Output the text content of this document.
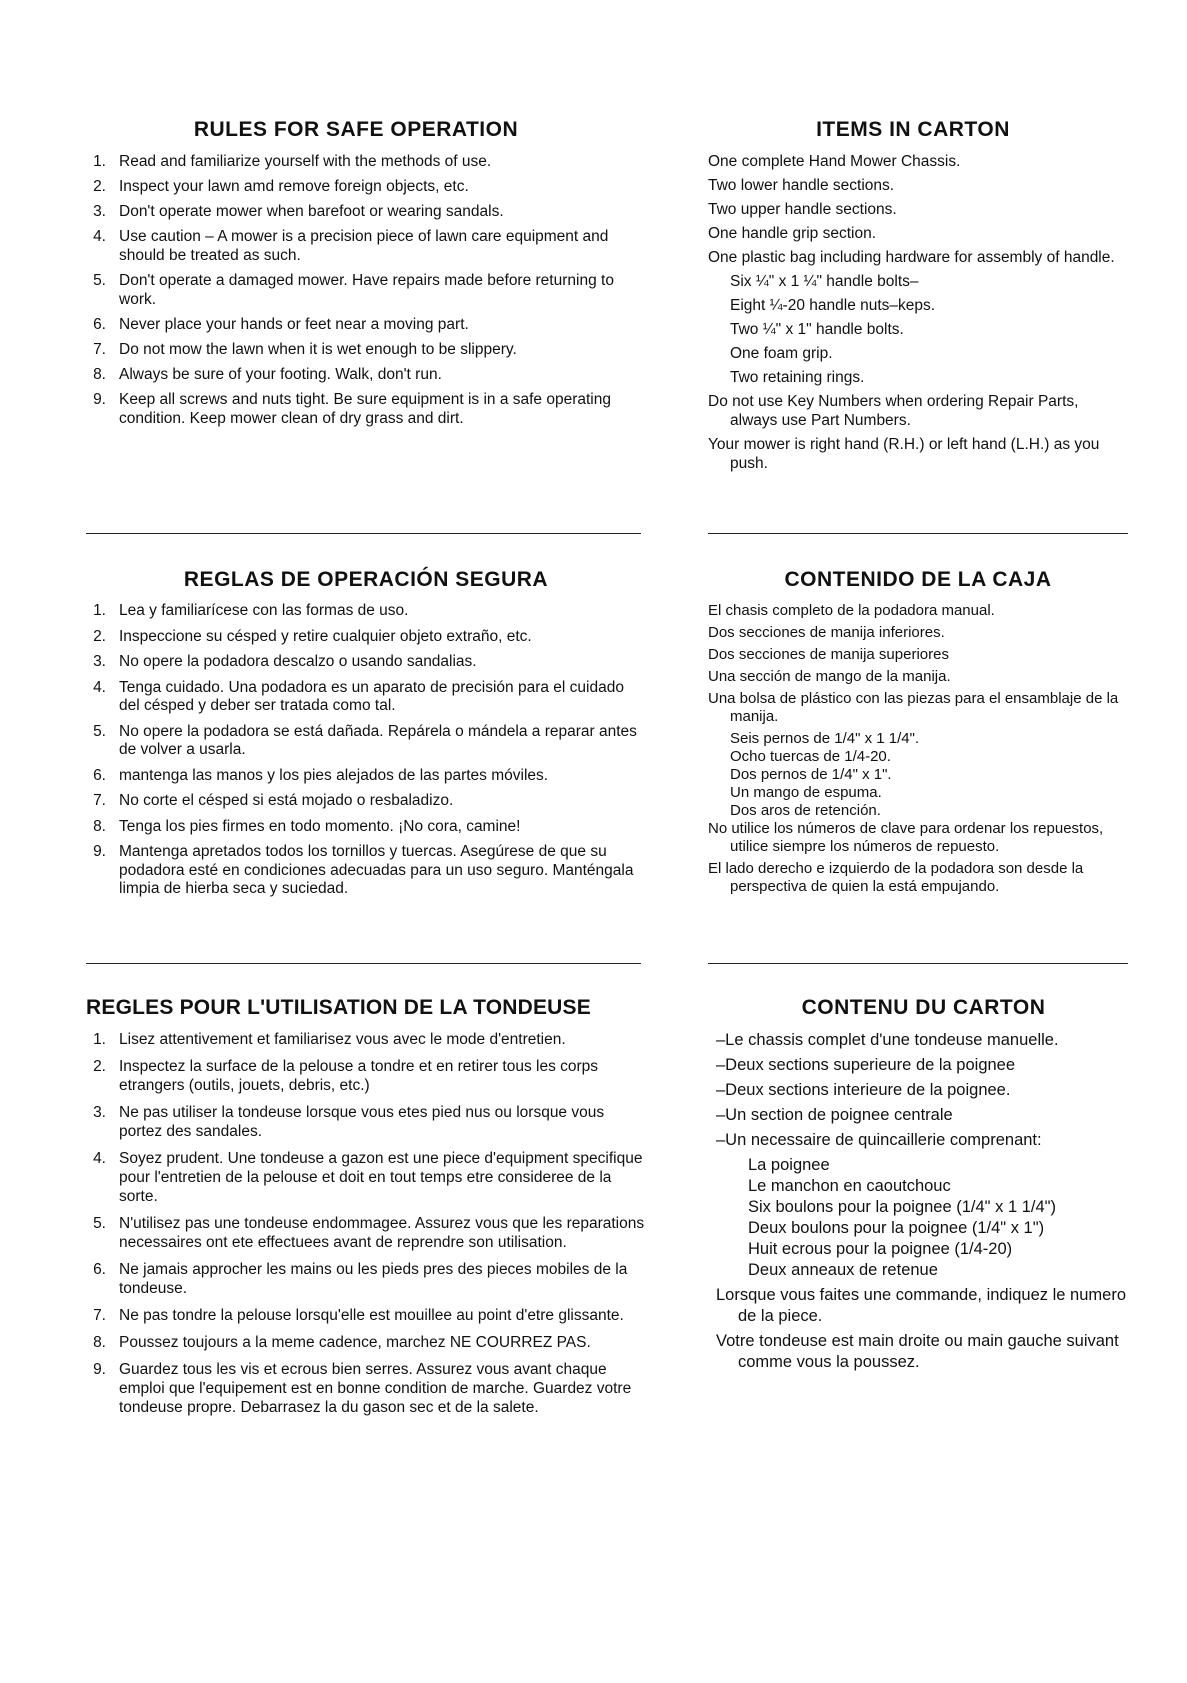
RULES FOR SAFE OPERATION
1. Read and familiarize yourself with the methods of use.
2. Inspect your lawn amd remove foreign objects, etc.
3. Don't operate mower when barefoot or wearing sandals.
4. Use caution – A mower is a precision piece of lawn care equipment and should be treated as such.
5. Don't operate a damaged mower. Have repairs made before returning to work.
6. Never place your hands or feet near a moving part.
7. Do not mow the lawn when it is wet enough to be slippery.
8. Always be sure of your footing. Walk, don't run.
9. Keep all screws and nuts tight. Be sure equipment is in a safe operating condition. Keep mower clean of dry grass and dirt.
ITEMS IN CARTON

One complete Hand Mower Chassis.

Two lower handle sections.

Two upper handle sections.

One handle grip section.

One plastic bag including hardware for assembly of handle.

Six ¼" x 1 ¼" handle bolts–

Eight ¼-20 handle nuts–keps.

Two ¼" x 1" handle bolts.

One foam grip.

Two retaining rings.

Do not use Key Numbers when ordering Repair Parts, always use Part Numbers.

Your mower is right hand (R.H.) or left hand (L.H.) as you push.

REGLAS DE OPERACIÓN SEGURA
1. Lea y familiarícese con las formas de uso.
2. Inspeccione su césped y retire cualquier objeto extraño, etc.
3. No opere la podadora descalzo o usando sandalias.
4. Tenga cuidado. Una podadora es un aparato de precisión para el cuidado del césped y deber ser tratada como tal.
5. No opere la podadora se está dañada. Repárela o mándela a reparar antes de volver a usarla.
6. mantenga las manos y los pies alejados de las partes móviles.
7. No corte el césped si está mojado o resbaladizo.
8. Tenga los pies firmes en todo momento. ¡No cora, camine!
9. Mantenga apretados todos los tornillos y tuercas. Asegúrese de que su podadora esté en condiciones adecuadas para un uso seguro. Manténgala limpia de hierba seca y suciedad.
CONTENIDO DE LA CAJA

El chasis completo de la podadora manual.

Dos secciones de manija inferiores.

Dos secciones de manija superiores

Una sección de mango de la manija.

Una bolsa de plástico con las piezas para el ensamblaje de la manija.

Seis pernos de 1/4" x 1 1/4".

Ocho tuercas de 1/4-20.

Dos pernos de 1/4" x 1".

Un mango de espuma.

Dos aros de retención.

No utilice los números de clave para ordenar los repuestos, utilice siempre los números de repuesto.

El lado derecho e izquierdo de la podadora son desde la perspectiva de quien la está empujando.

REGLES POUR L'UTILISATION DE LA TONDEUSE
1. Lisez attentivement et familiarisez vous avec le mode d'entretien.
2. Inspectez la surface de la pelouse a tondre et en retirer tous les corps etrangers (outils, jouets, debris, etc.)
3. Ne pas utiliser la tondeuse lorsque vous etes pied nus ou lorsque vous portez des sandales.
4. Soyez prudent. Une tondeuse a gazon est une piece d'equipment specifique pour l'entretien de la pelouse et doit en tout temps etre consideree de la sorte.
5. N'utilisez pas une tondeuse endommagee. Assurez vous que les reparations necessaires ont ete effectuees avant de reprendre son utilisation.
6. Ne jamais approcher les mains ou les pieds pres des pieces mobiles de la tondeuse.
7. Ne pas tondre la pelouse lorsqu'elle est mouillee au point d'etre glissante.
8. Poussez toujours a la meme cadence, marchez NE COURREZ PAS.
9. Guardez tous les vis et ecrous bien serres. Assurez vous avant chaque emploi que l'equipement est en bonne condition de marche. Guardez votre tondeuse propre. Debarrasez la du gason sec et de la salete.
CONTENU DU CARTON

–Le chassis complet d'une tondeuse manuelle.

–Deux sections superieure de la poignee

–Deux sections interieure de la poignee.

–Un section de poignee centrale

–Un necessaire de quincaillerie comprenant:

La poignee

Le manchon en caoutchouc

Six boulons pour la poignee (1/4" x 1 1/4")

Deux boulons pour la poignee (1/4" x 1")

Huit ecrous pour la poignee (1/4-20)

Deux anneaux de retenue

Lorsque vous faites une commande, indiquez le numero de la piece.

Votre tondeuse est main droite ou main gauche suivant comme vous la poussez.
